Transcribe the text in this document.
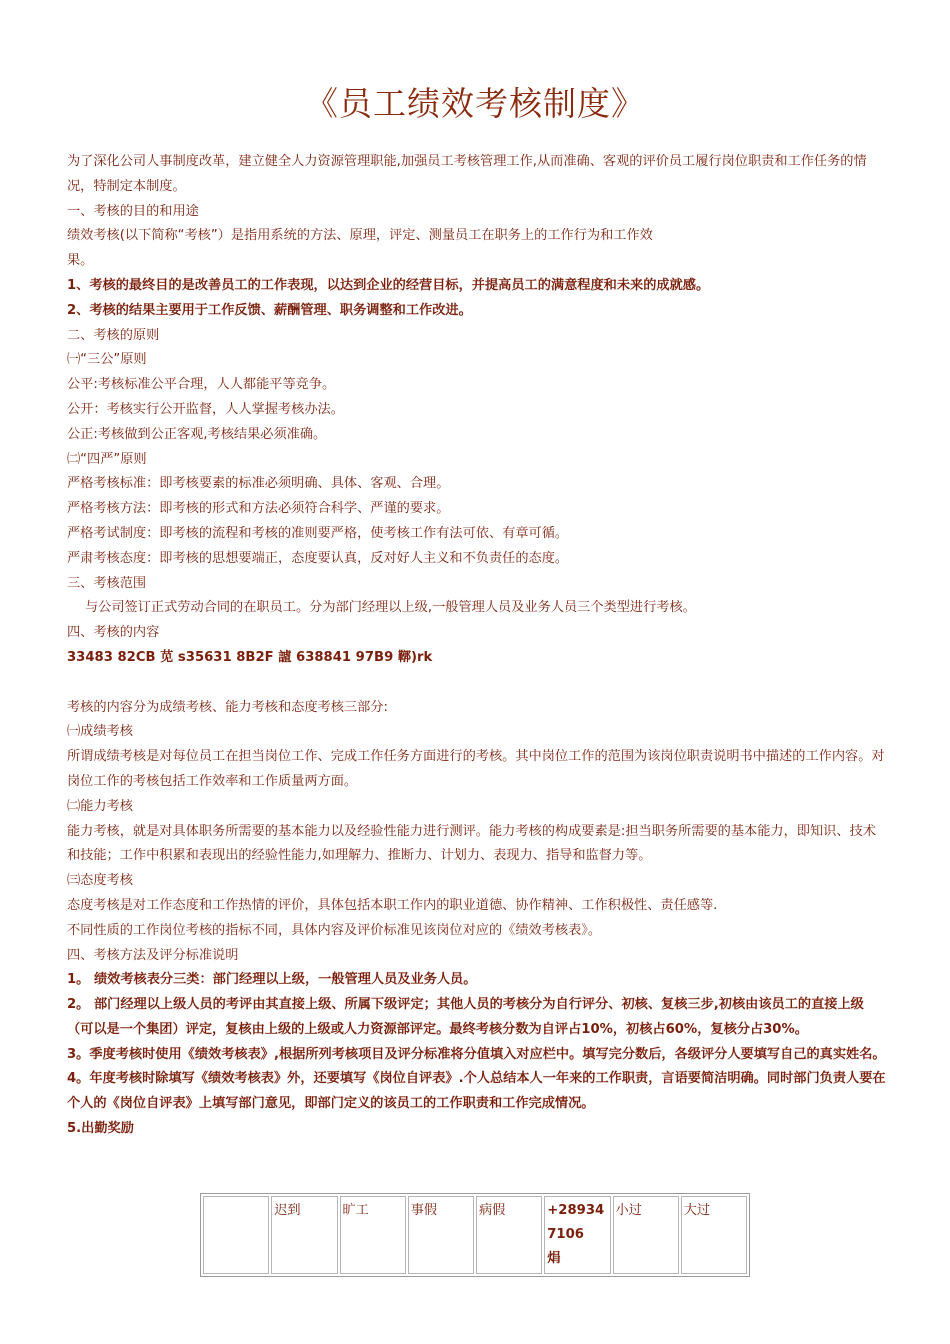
《员工绩效考核制度》

为了深化公司人事制度改革，建立健全人力资源管理职能,加强员工考核管理工作,从而准确、客观的评价员工履行岗位职责和工作任务的情况，特制定本制度。

一、考核的目的和用途

绩效考核(以下简称“考核”）是指用系统的方法、原理，评定、测量员工在职务上的工作行为和工作效

果。

1、考核的最终目的是改善员工的工作表现，以达到企业的经营目标，并提高员工的满意程度和未来的成就感。

2、考核的结果主要用于工作反馈、薪酬管理、职务调整和工作改进。

二、考核的原则

㈠“三公”原则

公平:考核标准公平合理，人人都能平等竞争。

公开：考核实行公开监督，人人掌握考核办法。

公正:考核做到公正客观,考核结果必须准确。

㈡“四严”原则

严格考核标准：即考核要素的标准必须明确、具体、客观、合理。

严格考核方法：即考核的形式和方法必须符合科学、严谨的要求。

严格考试制度：即考核的流程和考核的准则要严格，使考核工作有法可依、有章可循。

严肃考核态度：即考核的思想要端正，态度要认真，反对好人主义和不负责任的态度。

三、考核范围

与公司签订正式劳动合同的在职员工。分为部门经理以上级,一般管理人员及业务人员三个类型进行考核。

四、考核的内容

33483 82CB 苋 s35631 8B2F 謯 638841 97B9 鞹)rk

考核的内容分为成绩考核、能力考核和态度考核三部分:

㈠成绩考核

所谓成绩考核是对每位员工在担当岗位工作、完成工作任务方面进行的考核。其中岗位工作的范围为该岗位职责说明书中描述的工作内容。对岗位工作的考核包括工作效率和工作质量两方面。

㈡能力考核

能力考核，就是对具体职务所需要的基本能力以及经验性能力进行测评。能力考核的构成要素是:担当职务所需要的基本能力，即知识、技术和技能；工作中积累和表现出的经验性能力,如理解力、推断力、计划力、表现力、指导和监督力等。

㈢态度考核

态度考核是对工作态度和工作热情的评价，具体包括本职工作内的职业道德、协作精神、工作积极性、责任感等.

不同性质的工作岗位考核的指标不同，具体内容及评价标准见该岗位对应的《绩效考核表》。

四、考核方法及评分标准说明

1。 绩效考核表分三类：部门经理以上级，一般管理人员及业务人员。

2。 部门经理以上级人员的考评由其直接上级、所属下级评定；其他人员的考核分为自行评分、初核、复核三步,初核由该员工的直接上级（可以是一个集团）评定，复核由上级的上级或人力资源部评定。最终考核分数为自评占10%，初核占60%，复核分占30%。

3。季度考核时使用《绩效考核表》,根据所列考核项目及评分标准将分值填入对应栏中。填写完分数后，各级评分人要填写自己的真实姓名。

4。年度考核时除填写《绩效考核表》外，还要填写《岗位自评表》.个人总结本人一年来的工作职责，言语要简洁明确。同时部门负责人要在个人的《岗位自评表》上填写部门意见，即部门定义的该员工的工作职责和工作完成情况。

5.出勤奖励

	迟到	旷工	事假	病假	+28934 7106　焆	小过	大过
